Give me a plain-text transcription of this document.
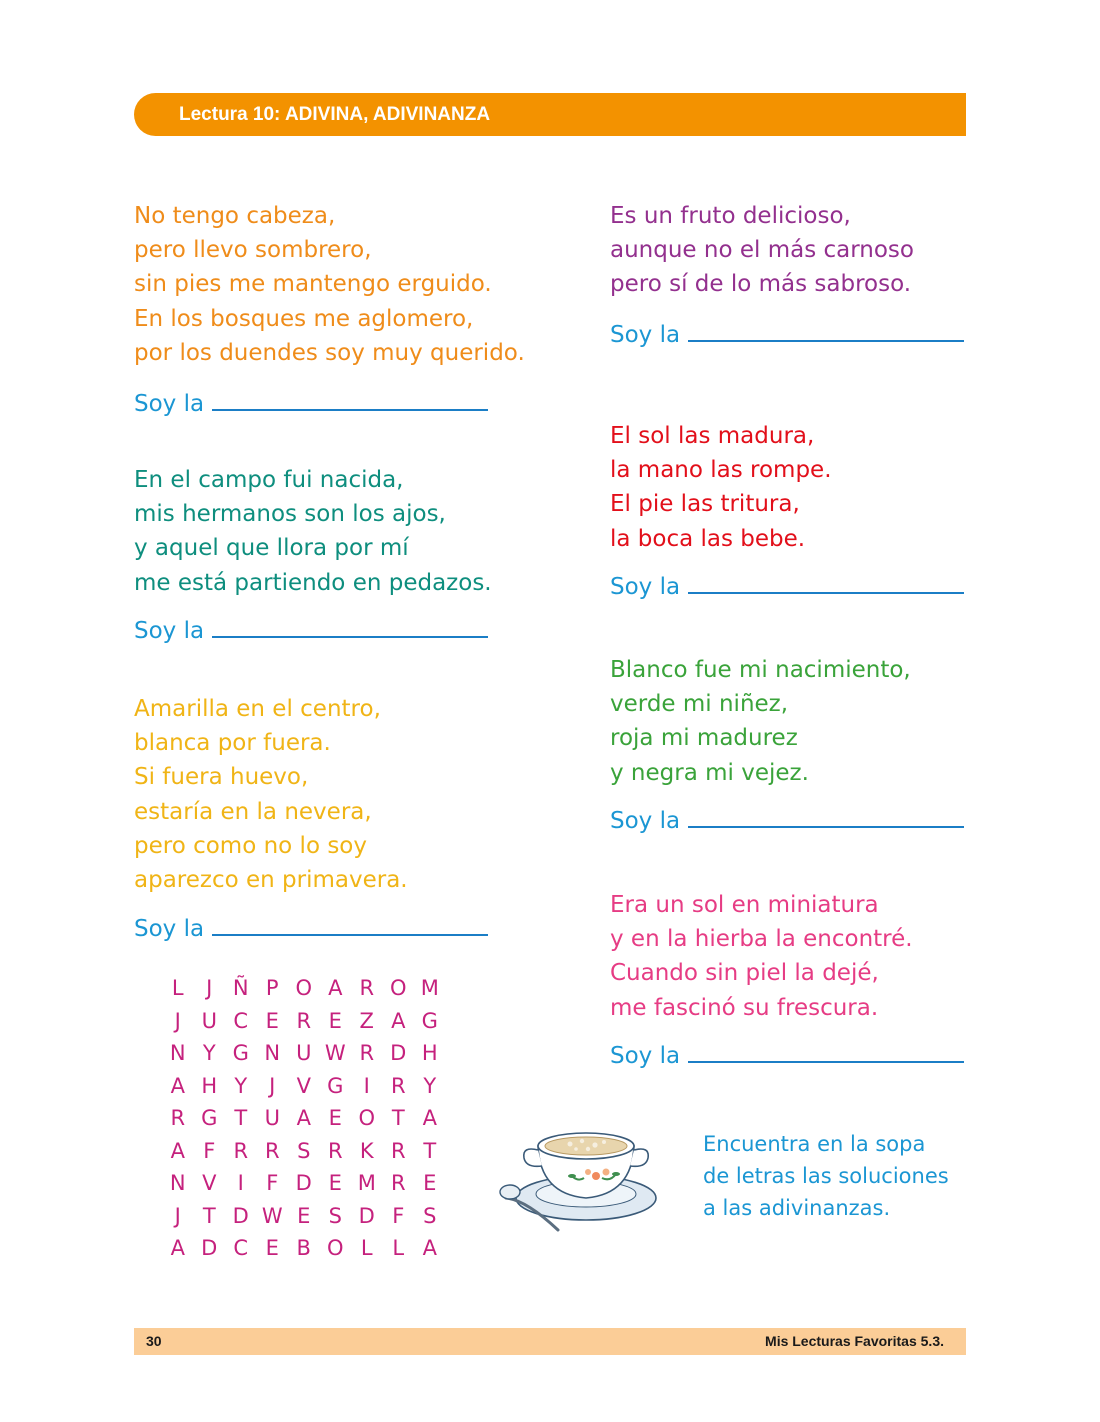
Lectura 10: ADIVINA, ADIVINANZA
No tengo cabeza,
pero llevo sombrero,
sin pies me mantengo erguido.
En los bosques me aglomero,
por los duendes soy muy querido.
Soy la
En el campo fui nacida,
mis hermanos son los ajos,
y aquel que llora por mí
me está partiendo en pedazos.
Soy la
Amarilla en el centro,
blanca por fuera.
Si fuera huevo,
estaría en la nevera,
pero como no lo soy
aparezco en primavera.
Soy la
Es un fruto delicioso,
aunque no el más carnoso
pero sí de lo más sabroso.
Soy la
El sol las madura,
la mano las rompe.
El pie las tritura,
la boca las bebe.
Soy la
Blanco fue mi nacimiento,
verde mi niñez,
roja mi madurez
y negra mi vejez.
Soy la
Era un sol en miniatura
y en la hierba la encontré.
Cuando sin piel la dejé,
me fascinó su frescura.
Soy la
L	J Ñ P O A R O M
J U C E R E Z A G
N Y G N U W R D H
A H Y	J	V G I	R Y
R G T U A E O T A
A F R R S R K R T
N V	I	F D E M R E
J	T D W E S D F S
A D C E B O L L A
Encuentra en la sopa
de letras las soluciones
a las adivinanzas.
30	Mis Lecturas Favoritas 5.3.
